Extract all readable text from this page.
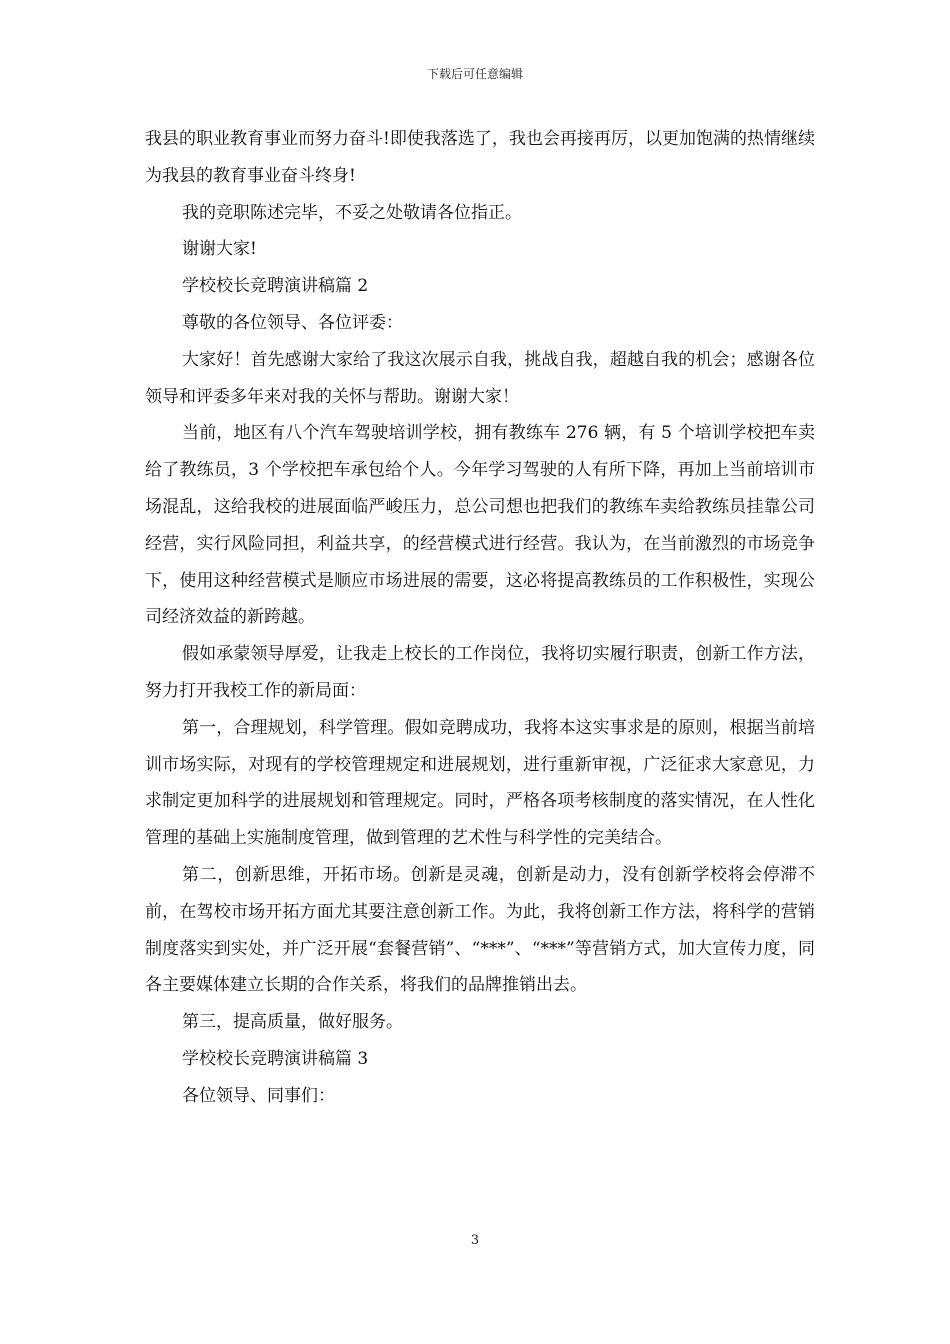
下载后可任意编辑

我县的职业教育事业而努力奋斗!即使我落选了，我也会再接再厉，以更加饱满的热情继续为我县的教育事业奋斗终身!

我的竞职陈述完毕，不妥之处敬请各位指正。

谢谢大家!

学校校长竞聘演讲稿篇 2

尊敬的各位领导、各位评委：

大家好！首先感谢大家给了我这次展示自我，挑战自我，超越自我的机会；感谢各位领导和评委多年来对我的关怀与帮助。谢谢大家！

当前，地区有八个汽车驾驶培训学校，拥有教练车 276 辆，有 5 个培训学校把车卖给了教练员，3 个学校把车承包给个人。今年学习驾驶的人有所下降，再加上当前培训市场混乱，这给我校的进展面临严峻压力，总公司想也把我们的教练车卖给教练员挂靠公司经营，实行风险同担，利益共享，的经营模式进行经营。我认为，在当前激烈的市场竞争下，使用这种经营模式是顺应市场进展的需要，这必将提高教练员的工作积极性，实现公司经济效益的新跨越。

假如承蒙领导厚爱，让我走上校长的工作岗位，我将切实履行职责，创新工作方法，努力打开我校工作的新局面：

第一，合理规划，科学管理。假如竞聘成功，我将本这实事求是的原则，根据当前培训市场实际，对现有的学校管理规定和进展规划，进行重新审视，广泛征求大家意见，力求制定更加科学的进展规划和管理规定。同时，严格各项考核制度的落实情况，在人性化管理的基础上实施制度管理，做到管理的艺术性与科学性的完美结合。

第二，创新思维，开拓市场。创新是灵魂，创新是动力，没有创新学校将会停滞不前，在驾校市场开拓方面尤其要注意创新工作。为此，我将创新工作方法，将科学的营销制度落实到实处，并广泛开展“套餐营销”、“***”、“***”等营销方式，加大宣传力度，同各主要媒体建立长期的合作关系，将我们的品牌推销出去。

第三，提高质量，做好服务。

学校校长竞聘演讲稿篇 3

各位领导、同事们：

3
